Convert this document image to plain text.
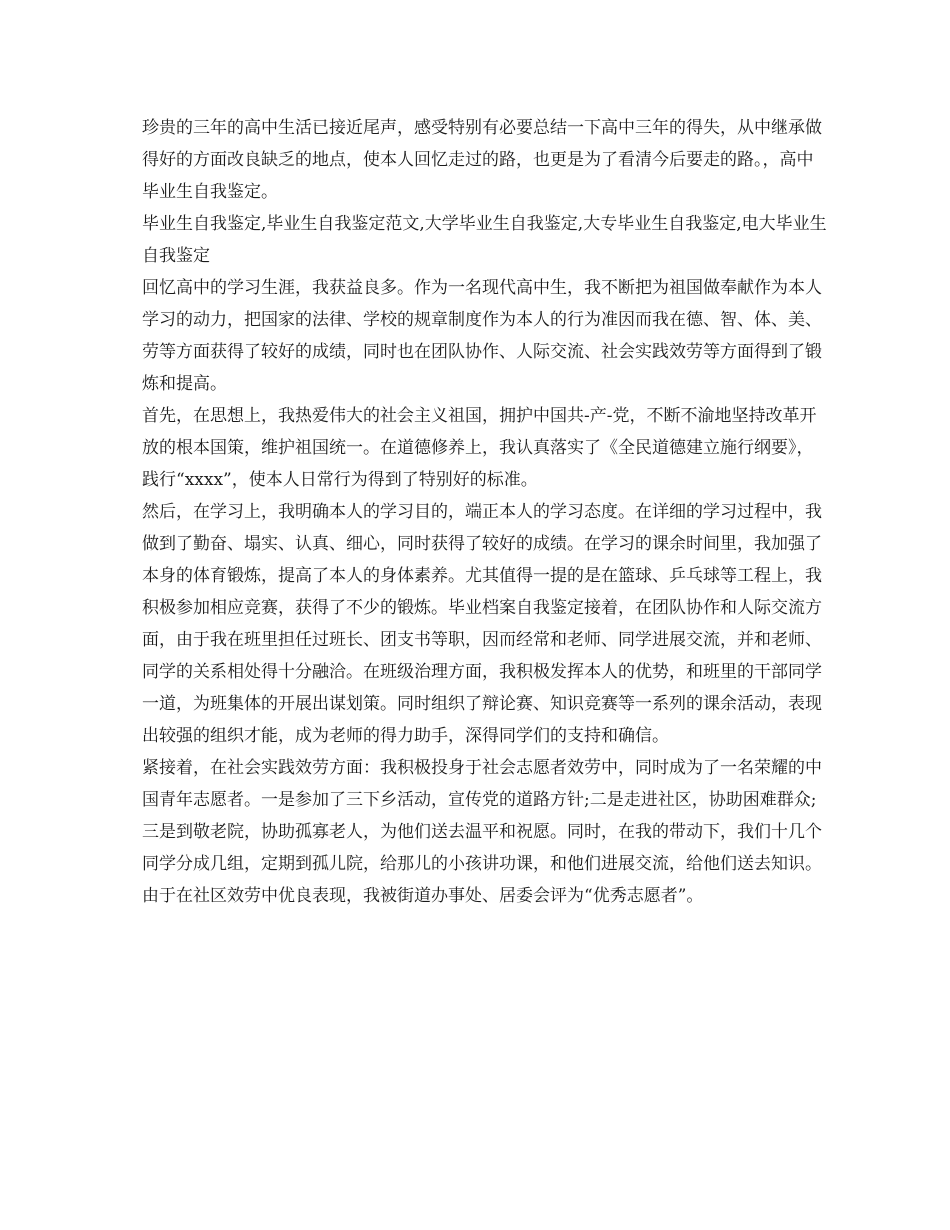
珍贵的三年的高中生活已接近尾声，感受特别有必要总结一下高中三年的得失，从中继承做得好的方面改良缺乏的地点，使本人回忆走过的路，也更是为了看清今后要走的路。，高中毕业生自我鉴定。

毕业生自我鉴定,毕业生自我鉴定范文,大学毕业生自我鉴定,大专毕业生自我鉴定,电大毕业生自我鉴定

回忆高中的学习生涯，我获益良多。作为一名现代高中生，我不断把为祖国做奉献作为本人学习的动力，把国家的法律、学校的规章制度作为本人的行为准因而我在德、智、体、美、劳等方面获得了较好的成绩，同时也在团队协作、人际交流、社会实践效劳等方面得到了锻炼和提高。

首先，在思想上，我热爱伟大的社会主义祖国，拥护中国共-产-党，不断不渝地坚持改革开放的根本国策，维护祖国统一。在道德修养上，我认真落实了《全民道德建立施行纲要》，践行“xxxx”，使本人日常行为得到了特别好的标准。

然后，在学习上，我明确本人的学习目的，端正本人的学习态度。在详细的学习过程中，我做到了勤奋、塌实、认真、细心，同时获得了较好的成绩。在学习的课余时间里，我加强了本身的体育锻炼，提高了本人的身体素养。尤其值得一提的是在篮球、乒乓球等工程上，我积极参加相应竞赛，获得了不少的锻炼。毕业档案自我鉴定接着，在团队协作和人际交流方面，由于我在班里担任过班长、团支书等职，因而经常和老师、同学进展交流，并和老师、同学的关系相处得十分融洽。在班级治理方面，我积极发挥本人的优势，和班里的干部同学一道，为班集体的开展出谋划策。同时组织了辩论赛、知识竞赛等一系列的课余活动，表现出较强的组织才能，成为老师的得力助手，深得同学们的支持和确信。

紧接着，在社会实践效劳方面：我积极投身于社会志愿者效劳中，同时成为了一名荣耀的中国青年志愿者。一是参加了三下乡活动，宣传党的道路方针;二是走进社区，协助困难群众;三是到敬老院，协助孤寡老人，为他们送去温平和祝愿。同时，在我的带动下，我们十几个同学分成几组，定期到孤儿院，给那儿的小孩讲功课，和他们进展交流，给他们送去知识。由于在社区效劳中优良表现，我被街道办事处、居委会评为“优秀志愿者”。
